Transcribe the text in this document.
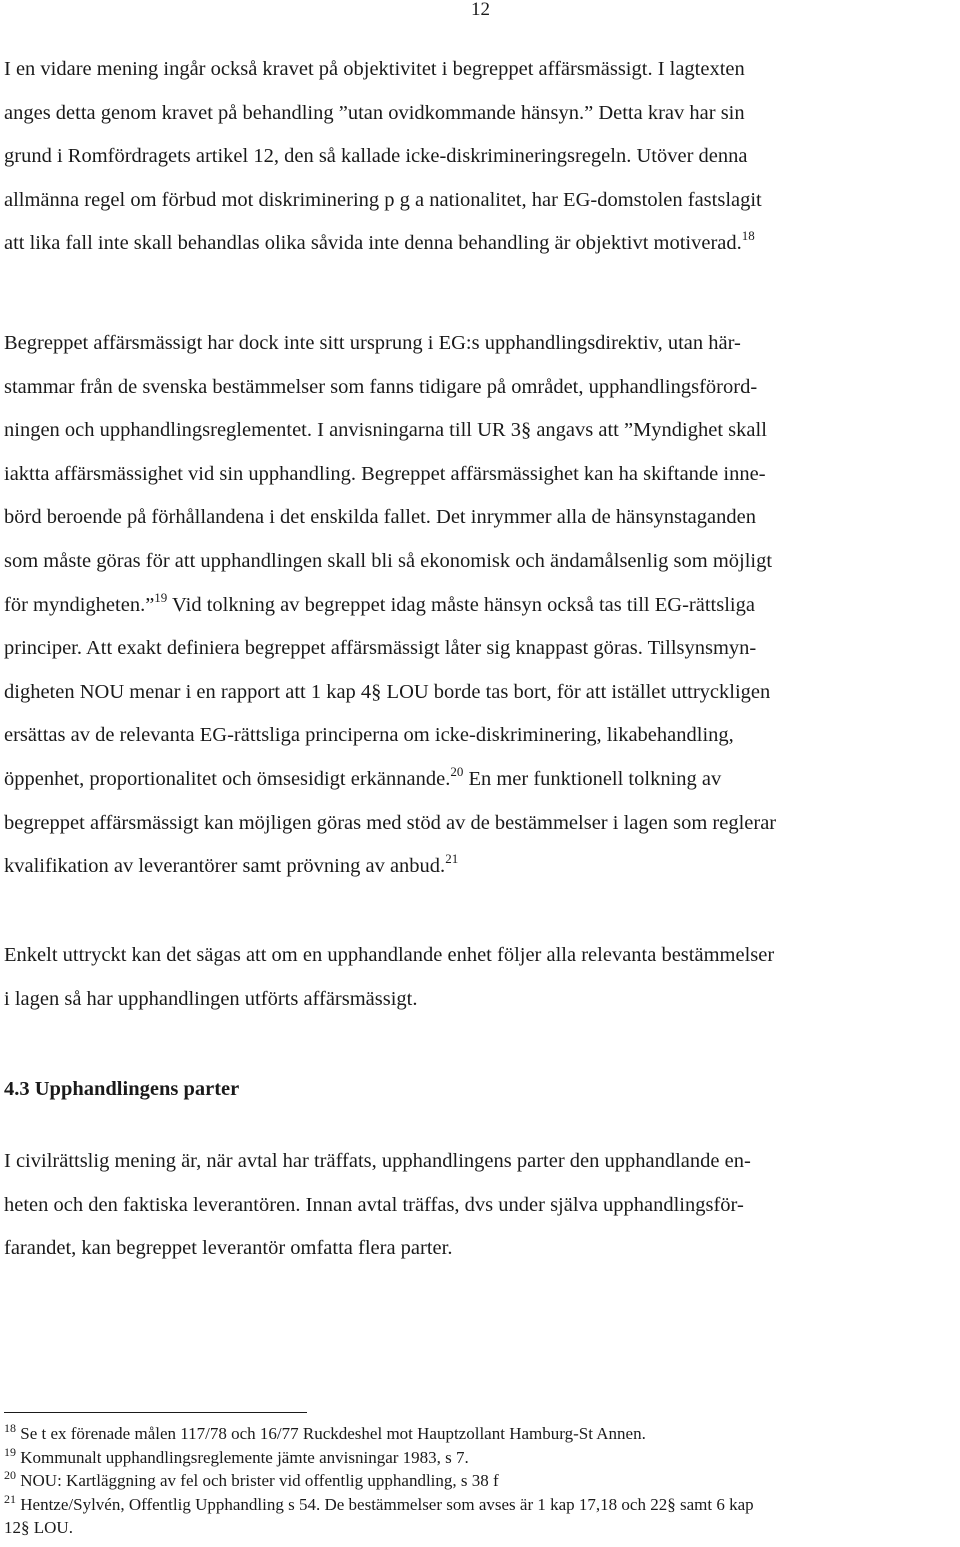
12
I en vidare mening ingår också kravet på objektivitet i begreppet affärsmässigt. I lagtexten
anges detta genom kravet på behandling ”utan ovidkommande hänsyn.” Detta krav har sin
grund i Romfördragets artikel 12, den så kallade icke-diskrimineringsregeln. Utöver denna
allmänna regel om förbud mot diskriminering p g a nationalitet, har EG-domstolen fastslagit
att lika fall inte skall behandlas olika såvida inte denna behandling är objektivt motiverad.$^{18}$
Begreppet affärsmässigt har dock inte sitt ursprung i EG:s upphandlingsdirektiv, utan här-
stammar från de svenska bestämmelser som fanns tidigare på området, upphandlingsförord-
ningen och upphandlingsreglementet. I anvisningarna till UR 3§ angavs att ”Myndighet skall
iaktta affärsmässighet vid sin upphandling. Begreppet affärsmässighet kan ha skiftande inne-
börd beroende på förhållandena i det enskilda fallet. Det inrymmer alla de hänsynstaganden
som måste göras för att upphandlingen skall bli så ekonomisk och ändamålsenlig som möjligt
för myndigheten.”$^{19}$ Vid tolkning av begreppet idag måste hänsyn också tas till EG-rättsliga
principer. Att exakt definiera begreppet affärsmässigt låter sig knappast göras. Tillsynsmyn-
digheten NOU menar i en rapport att 1 kap 4§ LOU borde tas bort, för att istället uttryckligen
ersättas av de relevanta EG-rättsliga principerna om icke-diskriminering, likabehandling,
öppenhet, proportionalitet och ömsesidigt erkännande.$^{20}$ En mer funktionell tolkning av
begreppet affärsmässigt kan möjligen göras med stöd av de bestämmelser i lagen som reglerar
kvalifikation av leverantörer samt prövning av anbud.$^{21}$
Enkelt uttryckt kan det sägas att om en upphandlande enhet följer alla relevanta bestämmelser
i lagen så har upphandlingen utförts affärsmässigt.
4.3 Upphandlingens parter
I civilrättslig mening är, när avtal har träffats, upphandlingens parter den upphandlande en-
heten och den faktiska leverantören. Innan avtal träffas, dvs under själva upphandlingsför-
farandet, kan begreppet leverantör omfatta flera parter.
$^{18}$ Se t ex förenade målen 117/78 och 16/77 Ruckdeshel mot Hauptzollant Hamburg-St Annen.
$^{19}$ Kommunalt upphandlingsreglemente jämte anvisningar 1983, s 7.
$^{20}$ NOU: Kartläggning av fel och brister vid offentlig upphandling, s 38 f
$^{21}$ Hentze/Sylvén, Offentlig Upphandling s 54. De bestämmelser som avses är 1 kap 17,18 och 22§ samt 6 kap
12§ LOU.
